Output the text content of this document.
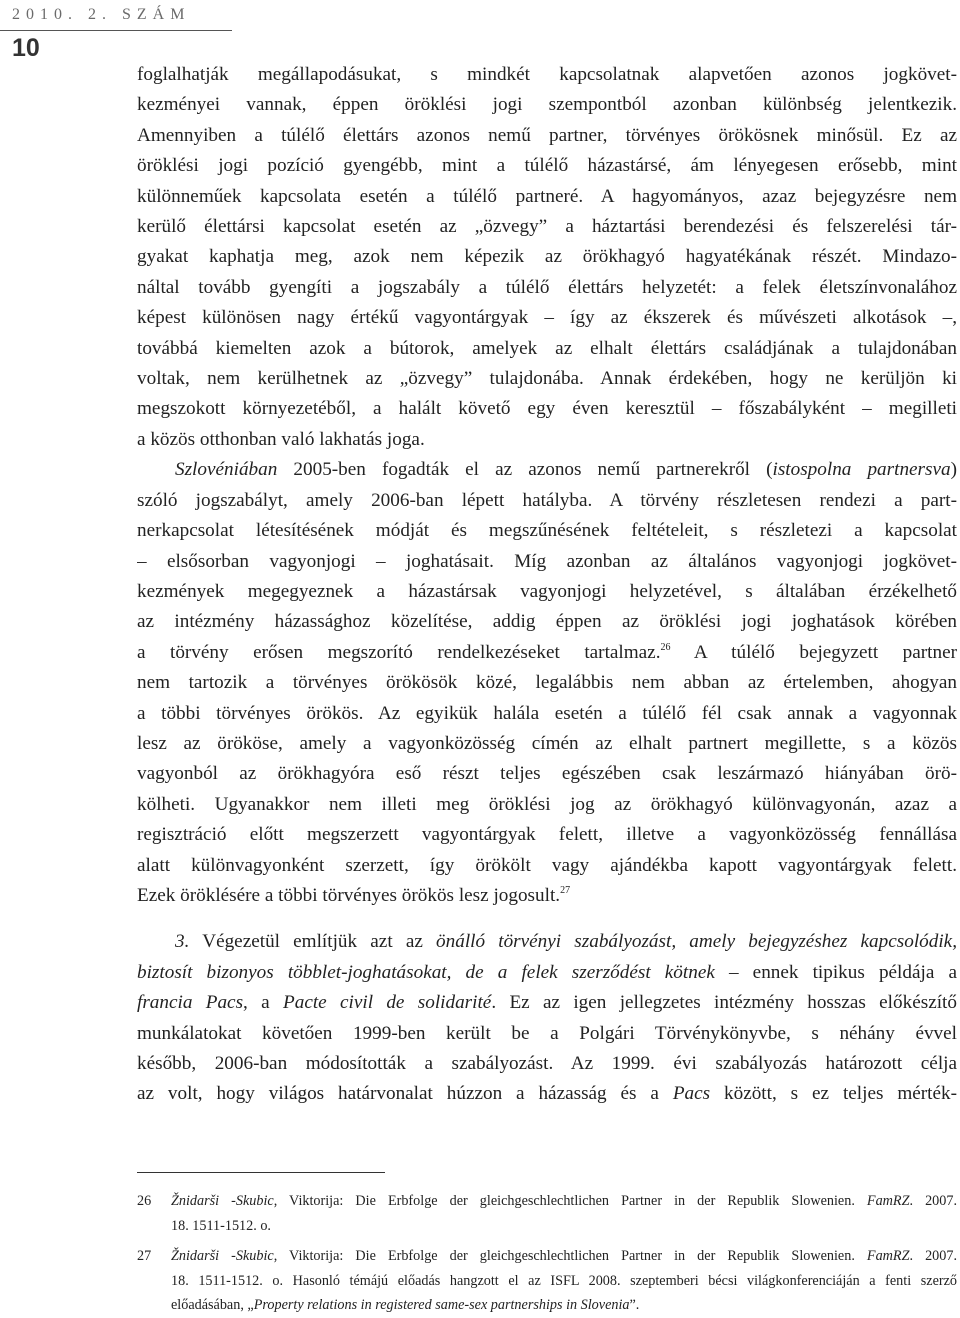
2010. 2. SZÁM
10
foglalhatják megállapodásukat, s mindkét kapcsolatnak alapvetően azonos jogkövet-
kezményei vannak, éppen öröklési jogi szempontból azonban különbség jelentkezik.
Amennyiben a túlélő élettárs azonos nemű partner, törvényes örökösnek minősül. Ez az
öröklési jogi pozíció gyengébb, mint a túlélő házastársé, ám lényegesen erősebb, mint
különneműek kapcsolata esetén a túlélő partneré. A hagyományos, azaz bejegyzésre nem
kerülő élettársi kapcsolat esetén az „özvegy” a háztartási berendezési és felszerelési tár-
gyakat kaphatja meg, azok nem képezik az örökhagyó hagyatékának részét. Mindazo-
náltal tovább gyengíti a jogszabály a túlélő élettárs helyzetét: a felek életszínvonalához
képest különösen nagy értékű vagyontárgyak – így az ékszerek és művészeti alkotások –,
továbbá kiemelten azok a bútorok, amelyek az elhalt élettárs családjának a tulajdonában
voltak, nem kerülhetnek az „özvegy” tulajdonába. Annak érdekében, hogy ne kerüljön ki
megszokott környezetéből, a halált követő egy éven keresztül – főszabályként – megilleti
a közös otthonban való lakhatás joga.
Szlovéniában 2005-ben fogadták el az azonos nemű partnerekről (istospolna partnersva)
szóló jogszabályt, amely 2006-ban lépett hatályba. A törvény részletesen rendezi a part-
nerkapcsolat létesítésének módját és megszűnésének feltételeit, s részletezi a kapcsolat
– elsősorban vagyonjogi – joghatásait. Míg azonban az általános vagyonjogi jogkövet-
kezmények megegyeznek a házastársak vagyonjogi helyzetével, s általában érzékelhető
az intézmény házassághoz közelítése, addig éppen az öröklési jogi joghatások körében
a törvény erősen megszorító rendelkezéseket tartalmaz.$^{26}$ A túlélő bejegyzett partner
nem tartozik a törvényes örökösök közé, legalábbis nem abban az értelemben, ahogyan
a többi törvényes örökös. Az egyikük halála esetén a túlélő fél csak annak a vagyonnak
lesz az örököse, amely a vagyonközösség címén az elhalt partnert megillette, s a közös
vagyonból az örökhagyóra eső részt teljes egészében csak leszármazó hiányában örö-
kölheti. Ugyanakkor nem illeti meg öröklési jog az örökhagyó különvagyonán, azaz a
regisztráció előtt megszerzett vagyontárgyak felett, illetve a vagyonközösség fennállása
alatt különvagyonként szerzett, így örökölt vagy ajándékba kapott vagyontárgyak felett.
Ezek öröklésére a többi törvényes örökös lesz jogosult.$^{27}$
3. Végezetül említjük azt az önálló törvényi szabályozást, amely bejegyzéshez kapcsolódik,
biztosít bizonyos többlet-joghatásokat, de a felek szerződést kötnek – ennek tipikus példája a
francia Pacs, a Pacte civil de solidarité. Ez az igen jellegzetes intézmény hosszas előkészítő
munkálatokat követően 1999-ben került be a Polgári Törvénykönyvbe, s néhány évvel
később, 2006-ban módosították a szabályozást. Az 1999. évi szabályozás határozott célja
az volt, hogy világos határvonalat húzzon a házasság és a Pacs között, s ez teljes mérték-
26 Žnidarši -Skubic, Viktorija: Die Erbfolge der gleichgeschlechtlichen Partner in der Republik Slowenien. FamRZ. 2007.
18. 1511-1512. o.
27 Žnidarši -Skubic, Viktorija: Die Erbfolge der gleichgeschlechtlichen Partner in der Republik Slowenien. FamRZ. 2007.
18. 1511-1512. o. Hasonló témájú előadás hangzott el az ISFL 2008. szeptemberi bécsi világkonferenciáján a fenti szerző
előadásában, „Property relations in registered same-sex partnerships in Slovenia”.
